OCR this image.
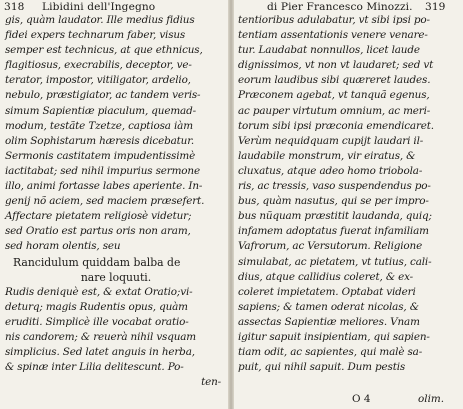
318 Libidini dell'Ingegno
gis, quàm laudator. Ille medius fidius
fidei expers technarum faber, visus
semper est technicus, at que ethnicus,
flagitiosus, execrabilis, deceptor, ve-
terator, impostor, vitiligator, ardelio,
nebulo, præstigiator, ac tandem veris-
simum Sapientiæ piaculum, quemad-
modum, testãte Tzetze, captiosa iàm
olim Sophistarum hæresis dicebatur.
Sermonis castitatem impudentissimè
iactitabat; sed nihil impurius sermone
illo, animi fortasse labes aperiente. In-
genij nõ aciem, sed maciem præsefert.
Affectare pietatem religiosè videtur;
sed Oratio est partus oris non aram,
sed horam olentis, seu
Rancidulum quiddam balba de
nare loquuti.
Rudis deniquè est, & extat Oratio;vi-
deturq; magis Rudentis opus, quàm
eruditi. Simplicè ille vocabat oratio-
nis candorem; & reuerà nihil vsquam
simplicius. Sed latet anguis in herba,
& spinæ inter Lilia delitescunt. Po-
ten-
di Pier Francesco Minozzi. 319
tentioribus adulabatur, vt sibi ipsi po-
tentiam assentationis venere venare-
tur. Laudabat nonnullos, licet laude
dignissimos, vt non vt laudaret; sed vt
eorum laudibus sibi quæreret laudes.
Præconem agebat, vt tanquã egenus,
ac pauper virtutum omnium, ac meri-
torum sibi ipsi præconia emendicaret.
Verùm nequidquam cupijt laudari il-
laudabile monstrum, vir eiratus, &
cluxatus, atque adeo homo triobola-
ris, ac tressis, vaso suspendendus po-
bus, quàm nasutus, qui se per impro-
bus nũquam præstitit laudanda, quiq;
infamem adoptatus fuerat infamiliam
Vafrorum, ac Versutorum. Religione
simulabat, ac pietatem, vt tutius, cali-
dius, atque callidius coleret, & ex-
coleret impietatem. Optabat videri
sapiens; & tamen oderat nicolas, &
assectas Sapientiæ meliores. Vnam
igitur sapuit insipientiam, qui sapien-
tiam odit, ac sapientes, qui malè sa-
puit, qui nihil sapuit. Dum pestis
O 4	olim.
